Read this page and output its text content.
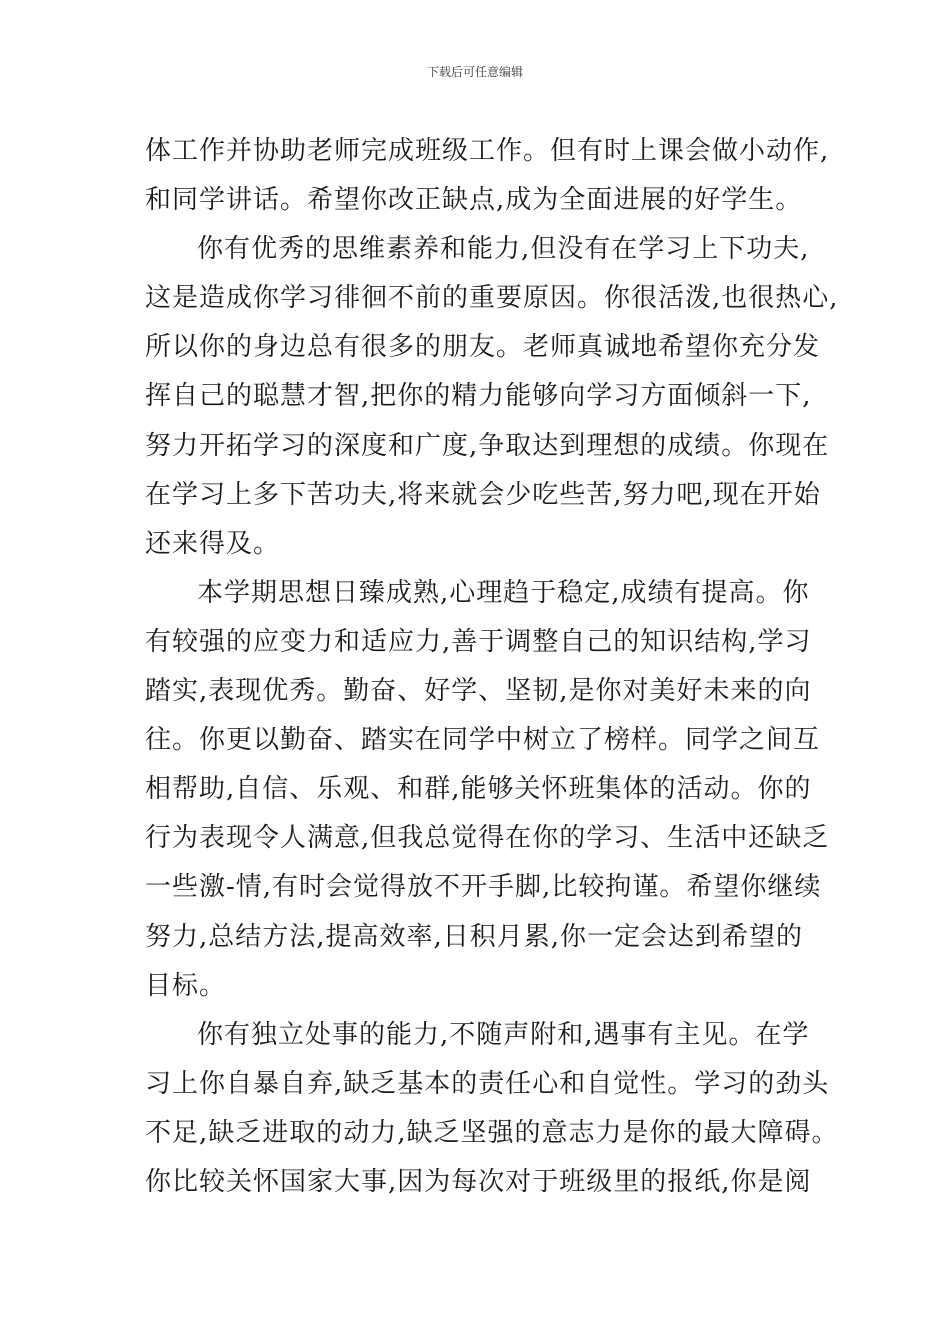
下载后可任意编辑
体工作并协助老师完成班级工作。但有时上课会做小动作,
和同学讲话。希望你改正缺点,成为全面进展的好学生。
你有优秀的思维素养和能力,但没有在学习上下功夫,
这是造成你学习徘徊不前的重要原因。你很活泼,也很热心,
所以你的身边总有很多的朋友。老师真诚地希望你充分发
挥自己的聪慧才智,把你的精力能够向学习方面倾斜一下,
努力开拓学习的深度和广度,争取达到理想的成绩。你现在
在学习上多下苦功夫,将来就会少吃些苦,努力吧,现在开始
还来得及。
本学期思想日臻成熟,心理趋于稳定,成绩有提高。你
有较强的应变力和适应力,善于调整自己的知识结构,学习
踏实,表现优秀。勤奋、好学、坚韧,是你对美好未来的向
往。你更以勤奋、踏实在同学中树立了榜样。同学之间互
相帮助,自信、乐观、和群,能够关怀班集体的活动。你的
行为表现令人满意,但我总觉得在你的学习、生活中还缺乏
一些激-情,有时会觉得放不开手脚,比较拘谨。希望你继续
努力,总结方法,提高效率,日积月累,你一定会达到希望的
目标。
你有独立处事的能力,不随声附和,遇事有主见。在学
习上你自暴自弃,缺乏基本的责任心和自觉性。学习的劲头
不足,缺乏进取的动力,缺乏坚强的意志力是你的最大障碍。
你比较关怀国家大事,因为每次对于班级里的报纸,你是阅
